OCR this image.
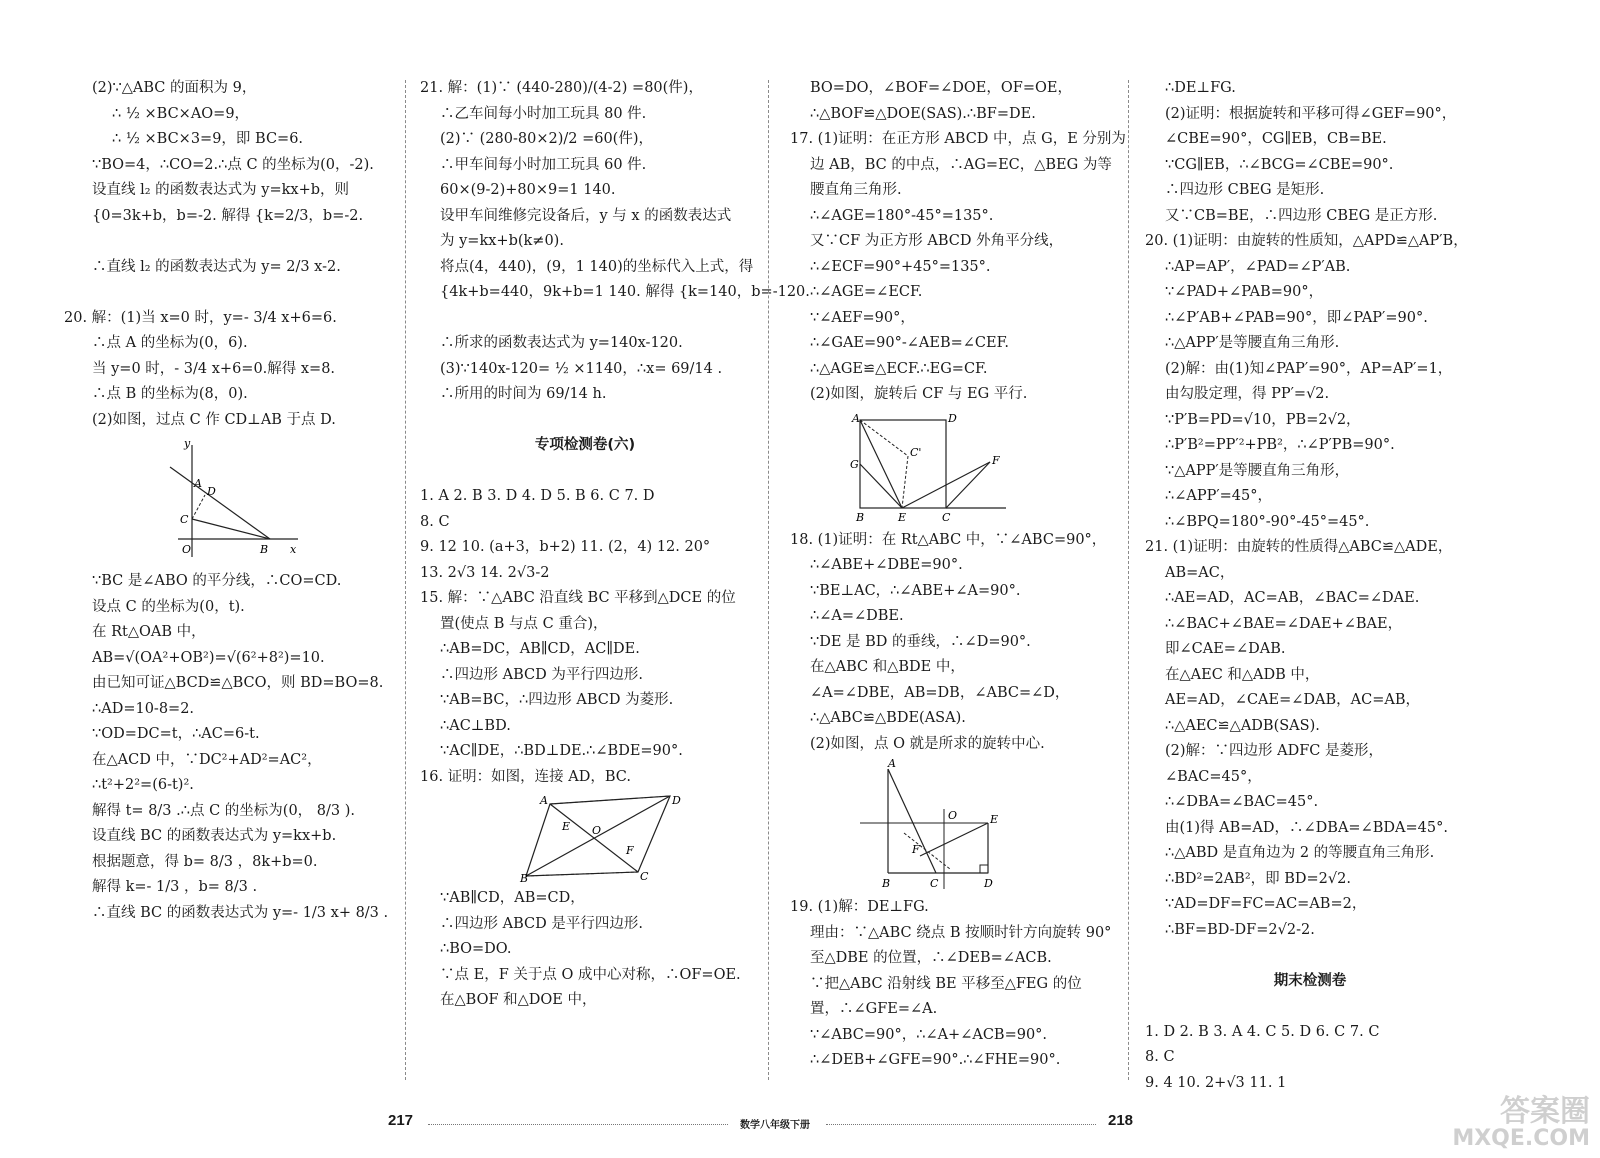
(2)∵△ABC 的面积为 9，
∴ ½ ×BC×AO=9，
∴ ½ ×BC×3=9，即 BC=6.
∵BO=4，∴CO=2.∴点 C 的坐标为(0，-2).
设直线 l₂ 的函数表达式为 y=kx+b，则
{0=3k+b，b=-2. 解得 {k=2/3，b=-2.
∴直线 l₂ 的函数表达式为 y= 2/3 x-2.
20. 解：(1)当 x=0 时，y=- 3/4 x+6=6.
∴点 A 的坐标为(0，6).
当 y=0 时，- 3/4 x+6=0.解得 x=8.
∴点 B 的坐标为(8，0).
(2)如图，过点 C 作 CD⊥AB 于点 D.
y
A
D
C
O	B x
∵BC 是∠ABO 的平分线，∴CO=CD.
设点 C 的坐标为(0，t).
在 Rt△OAB 中，
AB=√(OA²+OB²)=√(6²+8²)=10.
由已知可证△BCD≌△BCO，则 BD=BO=8.
∴AD=10-8=2.
∵OD=DC=t，∴AC=6-t.
在△ACD 中，∵DC²+AD²=AC²，
∴t²+2²=(6-t)².
解得 t= 8/3 .∴点 C 的坐标为(0， 8/3 ).
设直线 BC 的函数表达式为 y=kx+b.
根据题意，得 b= 8/3 ，8k+b=0.
解得 k=- 1/3 ，b= 8/3 .
∴直线 BC 的函数表达式为 y=- 1/3 x+ 8/3 .
21. 解：(1)∵ (440-280)/(4-2) =80(件)，
∴乙车间每小时加工玩具 80 件.
(2)∵ (280-80×2)/2 =60(件)，
∴甲车间每小时加工玩具 60 件.
60×(9-2)+80×9=1 140.
设甲车间维修完设备后，y 与 x 的函数表达式
为 y=kx+b(k≠0).
将点(4，440)，(9，1 140)的坐标代入上式，得
{4k+b=440，9k+b=1 140. 解得 {k=140，b=-120.
∴所求的函数表达式为 y=140x-120.
(3)∵140x-120= ½ ×1140，∴x= 69/14 .
∴所用的时间为 69/14 h.
专项检测卷(六)
1. A 2. B 3. D 4. D 5. B 6. C 7. D
8. C
9. 12 10. (a+3，b+2) 11. (2，4) 12. 20°
13. 2√3 14. 2√3-2
15. 解：∵△ABC 沿直线 BC 平移到△DCE 的位
置(使点 B 与点 C 重合)，
∴AB=DC，AB∥CD，AC∥DE.
∴四边形 ABCD 为平行四边形.
∵AB=BC，∴四边形 ABCD 为菱形.
∴AC⊥BD.
∵AC∥DE，∴BD⊥DE.∴∠BDE=90°.
16. 证明：如图，连接 AD，BC.
A	D
E O
F
B	C
∵AB∥CD，AB=CD，
∴四边形 ABCD 是平行四边形.
∴BO=DO.
∵点 E，F 关于点 O 成中心对称，∴OF=OE.
在△BOF 和△DOE 中，
BO=DO，∠BOF=∠DOE，OF=OE，
∴△BOF≌△DOE(SAS).∴BF=DE.
17. (1)证明：在正方形 ABCD 中，点 G，E 分别为
边 AB，BC 的中点，∴AG=EC，△BEG 为等
腰直角三角形.
∴∠AGE=180°-45°=135°.
又∵CF 为正方形 ABCD 外角平分线，
∴∠ECF=90°+45°=135°.
∴∠AGE=∠ECF.
∵∠AEF=90°，
∴∠GAE=90°-∠AEB=∠CEF.
∴△AGE≌△ECF.∴EG=CF.
(2)如图，旋转后 CF 与 EG 平行.
A	D
C'
G	F
B	E	C
18. (1)证明：在 Rt△ABC 中，∵∠ABC=90°，
∴∠ABE+∠DBE=90°.
∵BE⊥AC，∴∠ABE+∠A=90°.
∴∠A=∠DBE.
∵DE 是 BD 的垂线，∴∠D=90°.
在△ABC 和△BDE 中，
∠A=∠DBE，AB=DB，∠ABC=∠D，
∴△ABC≌△BDE(ASA).
(2)如图，点 O 就是所求的旋转中心.
A
O	E
F
B	C	D
19. (1)解：DE⊥FG.
理由：∵△ABC 绕点 B 按顺时针方向旋转 90°
至△DBE 的位置，∴∠DEB=∠ACB.
∵把△ABC 沿射线 BE 平移至△FEG 的位
置，∴∠GFE=∠A.
∵∠ABC=90°，∴∠A+∠ACB=90°.
∴∠DEB+∠GFE=90°.∴∠FHE=90°.
∴DE⊥FG.
(2)证明：根据旋转和平移可得∠GEF=90°，
∠CBE=90°，CG∥EB，CB=BE.
∵CG∥EB，∴∠BCG=∠CBE=90°.
∴四边形 CBEG 是矩形.
又∵CB=BE，∴四边形 CBEG 是正方形.
20. (1)证明：由旋转的性质知，△APD≌△AP′B，
∴AP=AP′，∠PAD=∠P′AB.
∵∠PAD+∠PAB=90°，
∴∠P′AB+∠PAB=90°，即∠PAP′=90°.
∴△APP′是等腰直角三角形.
(2)解：由(1)知∠PAP′=90°，AP=AP′=1，
由勾股定理，得 PP′=√2.
∵P′B=PD=√10，PB=2√2，
∴P′B²=PP′²+PB²，∴∠P′PB=90°.
∵△APP′是等腰直角三角形，
∴∠APP′=45°，
∴∠BPQ=180°-90°-45°=45°.
21. (1)证明：由旋转的性质得△ABC≌△ADE，
AB=AC，
∴AE=AD，AC=AB，∠BAC=∠DAE.
∴∠BAC+∠BAE=∠DAE+∠BAE，
即∠CAE=∠DAB.
在△AEC 和△ADB 中，
AE=AD，∠CAE=∠DAB，AC=AB，
∴△AEC≌△ADB(SAS).
(2)解：∵四边形 ADFC 是菱形，
∠BAC=45°，
∴∠DBA=∠BAC=45°.
由(1)得 AB=AD，∴∠DBA=∠BDA=45°.
∴△ABD 是直角边为 2 的等腰直角三角形.
∴BD²=2AB²，即 BD=2√2.
∵AD=DF=FC=AC=AB=2，
∴BF=BD-DF=2√2-2.
期末检测卷
1. D 2. B 3. A 4. C 5. D 6. C 7. C
8. C
9. 4 10. 2+√3 11. 1
217	数学八年级下册	218	答案圈
MXQE.COM
